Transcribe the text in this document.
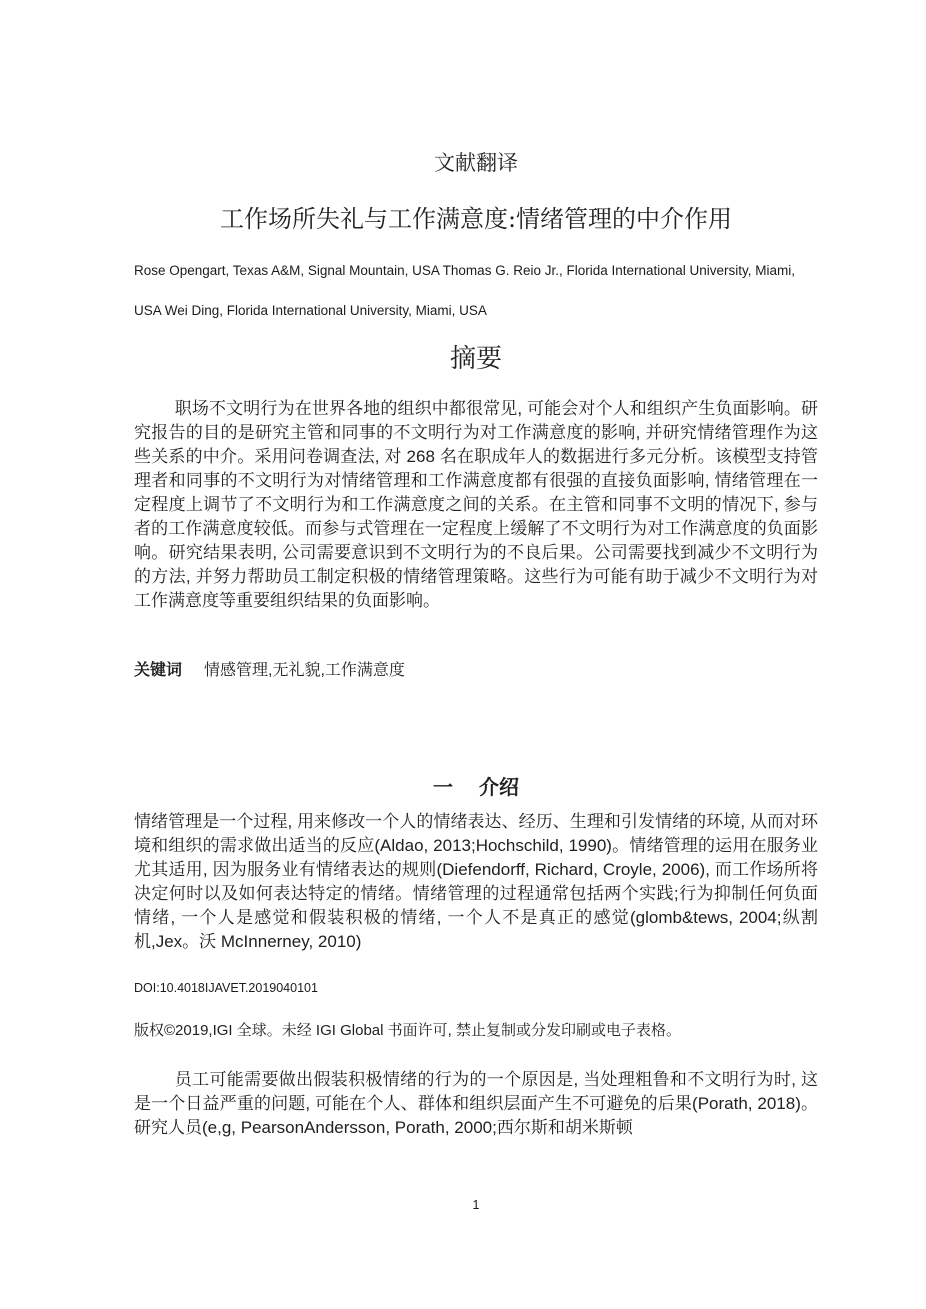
文献翻译
工作场所失礼与工作满意度:情绪管理的中介作用

Rose Opengart, Texas A&M, Signal Mountain, USA Thomas G. Reio Jr., Florida International University, Miami, USA Wei Ding, Florida International University, Miami, USA

摘要

职场不文明行为在世界各地的组织中都很常见, 可能会对个人和组织产生负面影响。研究报告的目的是研究主管和同事的不文明行为对工作满意度的影响, 并研究情绪管理作为这些关系的中介。采用问卷调查法, 对 268 名在职成年人的数据进行多元分析。该模型支持管理者和同事的不文明行为对情绪管理和工作满意度都有很强的直接负面影响, 情绪管理在一定程度上调节了不文明行为和工作满意度之间的关系。在主管和同事不文明的情况下, 参与者的工作满意度较低。而参与式管理在一定程度上缓解了不文明行为对工作满意度的负面影响。研究结果表明, 公司需要意识到不文明行为的不良后果。公司需要找到减少不文明行为的方法, 并努力帮助员工制定积极的情绪管理策略。这些行为可能有助于减少不文明行为对工作满意度等重要组织结果的负面影响。

关键词 情感管理,无礼貌,工作满意度

一 介绍

情绪管理是一个过程, 用来修改一个人的情绪表达、经历、生理和引发情绪的环境, 从而对环境和组织的需求做出适当的反应(Aldao, 2013;Hochschild, 1990)。情绪管理的运用在服务业尤其适用, 因为服务业有情绪表达的规则(Diefendorff, Richard, Croyle, 2006), 而工作场所将决定何时以及如何表达特定的情绪。情绪管理的过程通常包括两个实践;行为抑制任何负面情绪, 一个人是感觉和假装积极的情绪, 一个人不是真正的感觉(glomb&tews, 2004;纵割机,Jex。沃 McInnerney, 2010)

DOI:10.4018IJAVET.2019040101

版权©2019,IGI 全球。未经 IGI Global 书面许可, 禁止复制或分发印刷或电子表格。

员工可能需要做出假装积极情绪的行为的一个原因是, 当处理粗鲁和不文明行为时, 这是一个日益严重的问题, 可能在个人、群体和组织层面产生不可避免的后果(Porath, 2018)。研究人员(e,g, PearsonAndersson, Porath, 2000;西尔斯和胡米斯顿

1
